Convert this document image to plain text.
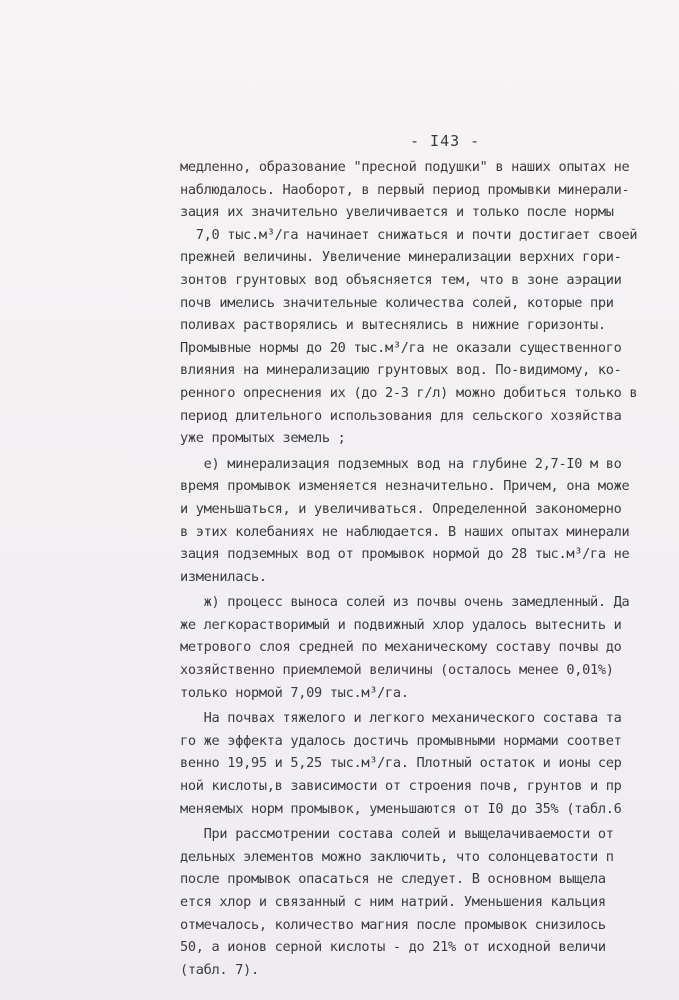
- I43 -
медленно, образование "пресной подушки" в наших опытах не
наблюдалось. Наоборот, в первый период промывки минерали-
зация их значительно увеличивается и только после нормы
7,0 тыс.м³/га начинает снижаться и почти достигает своей
прежней величины. Увеличение минерализации верхних гори-
зонтов грунтовых вод объясняется тем, что в зоне аэрации
почв имелись значительные количества солей, которые при
поливах растворялись и вытеснялись в нижние горизонты.
Промывные нормы до 20 тыс.м³/га не оказали существенного
влияния на минерализацию грунтовых вод. По-видимому, ко-
ренного опреснения их (до 2-3 г/л) можно добиться только в
период длительного использования для сельского хозяйства
уже промытых земель ;
е) минерализация подземных вод на глубине 2,7-I0 м во
время промывок изменяется незначительно. Причем, она може
и уменьшаться, и увеличиваться. Определенной закономерно
в этих колебаниях не наблюдается. В наших опытах минерали
зация подземных вод от промывок нормой до 28 тыс.м³/га не
изменилась.
ж) процесс выноса солей из почвы очень замедленный. Да
же легкорастворимый и подвижный хлор удалось вытеснить и
метрового слоя средней по механическому составу почвы до
хозяйственно приемлемой величины (осталось менее 0,01%)
только нормой 7,09 тыс.м³/га.
На почвах тяжелого и легкого механического состава та
го же эффекта удалось достичь промывными нормами соответ
венно 19,95 и 5,25 тыс.м³/га. Плотный остаток и ионы сер
ной кислоты,в зависимости от строения почв, грунтов и пр
меняемых норм промывок, уменьшаются от I0 до 35% (табл.6
При рассмотрении состава солей и выщелачиваемости от
дельных элементов можно заключить, что солонцеватости п
после промывок опасаться не следует. В основном выщела
ется хлор и связанный с ним натрий. Уменьшения кальция
отмечалось, количество магния после промывок снизилось
50, а ионов серной кислоты - до 21% от исходной величи
(табл. 7).
